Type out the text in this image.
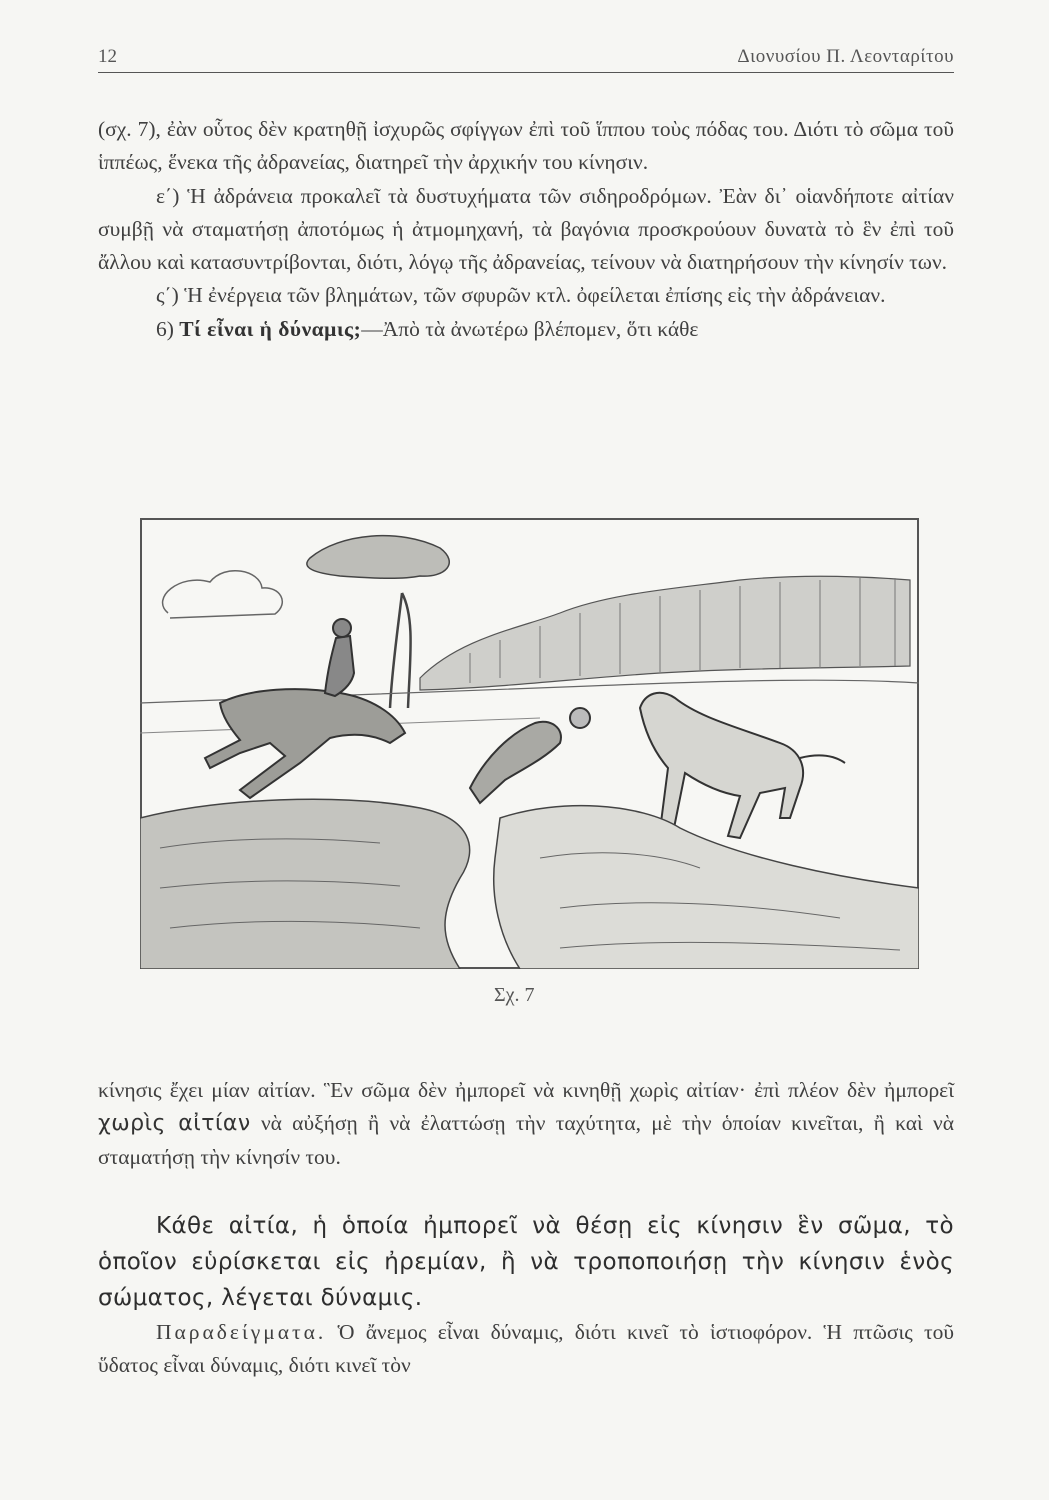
12	Διονυσίου Π. Λεονταρίτου

(σχ. 7), ἐὰν οὗτος δὲν κρατηθῇ ἰσχυρῶς σφίγγων ἐπὶ τοῦ ἵππου τοὺς πόδας του. Διότι τὸ σῶμα τοῦ ἱππέως, ἕνεκα τῆς ἀδρανείας, διατηρεῖ τὴν ἀρχικήν του κίνησιν.

ε΄) Ἡ ἀδράνεια προκαλεῖ τὰ δυστυχήματα τῶν σιδηροδρόμων. Ἐὰν δι᾿ οἱανδήποτε αἰτίαν συμβῇ νὰ σταματήσῃ ἀποτόμως ἡ ἀτμομηχανή, τὰ βαγόνια προσκρούουν δυνατὰ τὸ ἓν ἐπὶ τοῦ ἄλλου καὶ κατασυντρίβονται, διότι, λόγῳ τῆς ἀδρανείας, τείνουν νὰ διατηρήσουν τὴν κίνησίν των.

ς΄) Ἡ ἐνέργεια τῶν βλημάτων, τῶν σφυρῶν κτλ. ὀφείλεται ἐπίσης εἰς τὴν ἀδράνειαν.

6) Τί εἶναι ἡ δύναμις;—Ἀπὸ τὰ ἀνωτέρω βλέπομεν, ὅτι κάθε

Σχ. 7

κίνησις ἔχει μίαν αἰτίαν. Ἓν σῶμα δὲν ἠμπορεῖ νὰ κινηθῇ χωρὶς αἰτίαν· ἐπὶ πλέον δὲν ἠμπορεῖ χωρὶς αἰτίαν νὰ αὐξήσῃ ἢ νὰ ἐλαττώσῃ τὴν ταχύτητα, μὲ τὴν ὁποίαν κινεῖται, ἢ καὶ νὰ σταματήσῃ τὴν κίνησίν του.

Κάθε αἰτία, ἡ ὁποία ἠμπορεῖ νὰ θέσῃ εἰς κίνησιν ἓν σῶμα, τὸ ὁποῖον εὑρίσκεται εἰς ἠρεμίαν, ἢ νὰ τροποποιήσῃ τὴν κίνησιν ἑνὸς σώματος, λέγεται δύναμις.

Παραδείγματα. Ὁ ἄνεμος εἶναι δύναμις, διότι κινεῖ τὸ ἱστιοφόρον. Ἡ πτῶσις τοῦ ὕδατος εἶναι δύναμις, διότι κινεῖ τὸν
